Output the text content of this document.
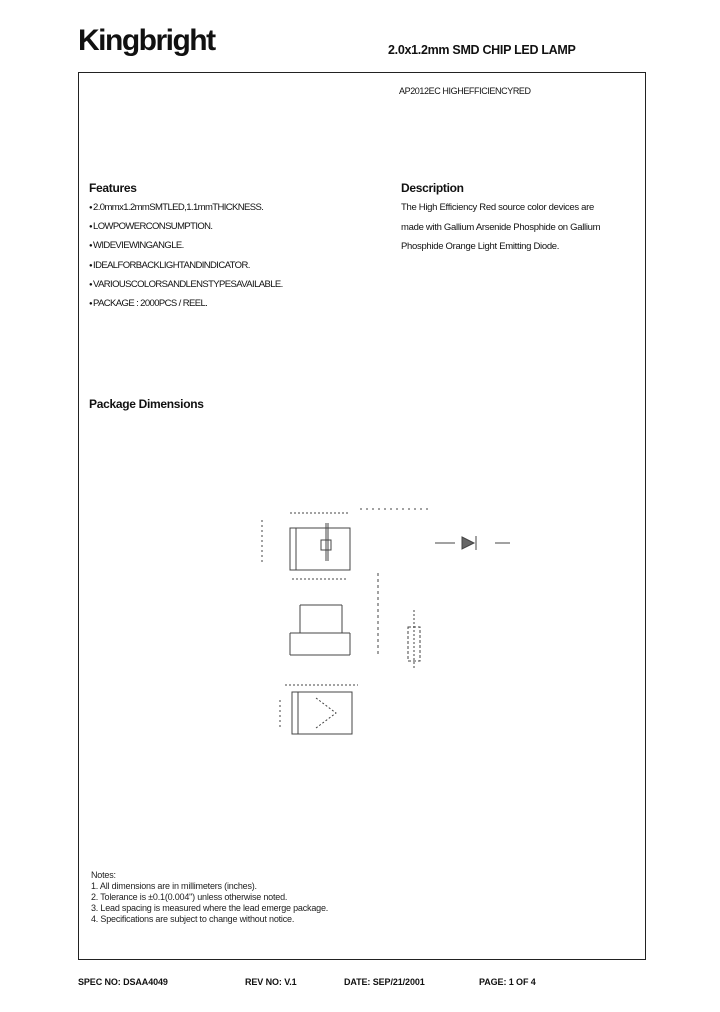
Kingbright	2.0x1.2mm SMD CHIP LED LAMP
AP2012EC HIGHEFFICIENCYRED
Features
● 2.0mmx1.2mmSMTLED,1.1mmTHICKNESS.
● LOWPOWERCONSUMPTION.
● WIDEVIEWINGANGLE.
● IDEALFORBACKLIGHTANDINDICATOR.
● VARIOUSCOLORSANDLENSTYPESAVAILABLE.
● PACKAGE : 2000PCS / REEL.
Description
The High Efficiency Red source color devices are
made with Gallium Arsenide Phosphide on Gallium
Phosphide Orange Light Emitting Diode.
Package Dimensions
Notes:
1. All dimensions are in millimeters (inches).
2. Tolerance is ±0.1(0.004") unless otherwise noted.
3. Lead spacing is measured where the lead emerge package.
4. Specifications are subject to change without notice.
SPEC NO: DSAA4049	REV NO: V.1	DATE: SEP/21/2001	PAGE: 1 OF 4
